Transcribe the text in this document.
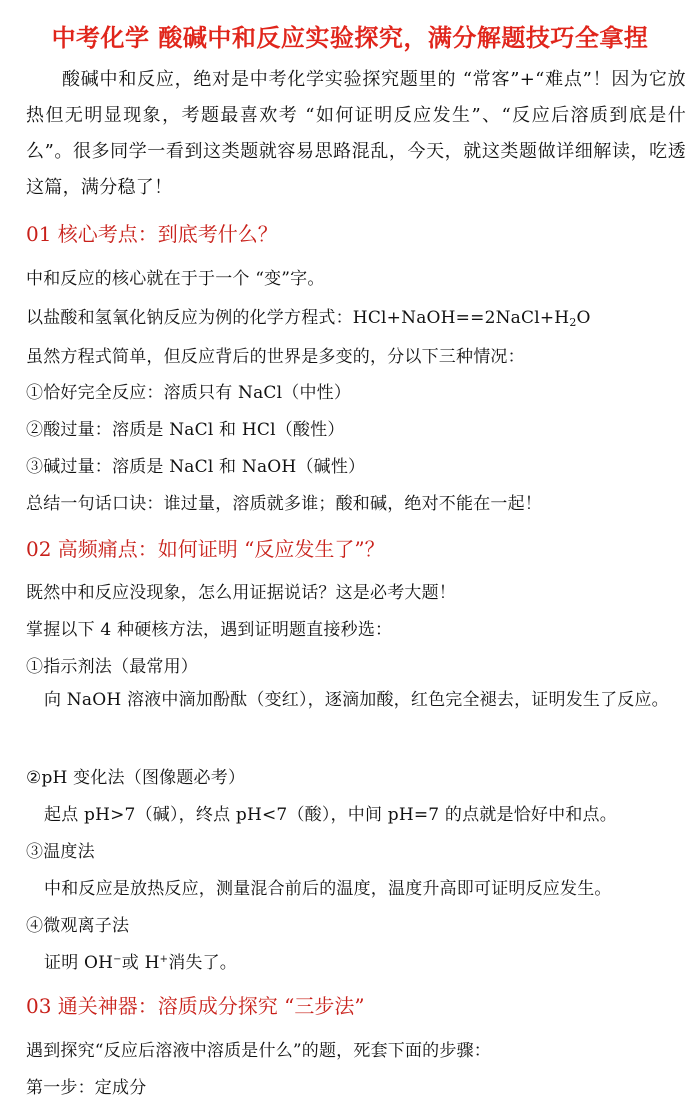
中考化学 酸碱中和反应实验探究，满分解题技巧全拿捏
酸碱中和反应，绝对是中考化学实验探究题里的 “常客”+“难点”！因为它放热但无明显现象，考题最喜欢考 “如何证明反应发生”、“反应后溶质到底是什么”。很多同学一看到这类题就容易思路混乱，今天，就这类题做详细解读，吃透这篇，满分稳了！
01 核心考点：到底考什么？
中和反应的核心就在于于一个 “变”字。
以盐酸和氢氧化钠反应为例的化学方程式：$HCl+NaOH==2NaCl+H_2O$
虽然方程式简单，但反应背后的世界是多变的，分以下三种情况：
①恰好完全反应：溶质只有 NaCl（中性）
②酸过量：溶质是 NaCl 和 HCl（酸性）
③碱过量：溶质是 NaCl 和 NaOH（碱性）
总结一句话口诀：谁过量，溶质就多谁；酸和碱，绝对不能在一起！
02 高频痛点：如何证明 “反应发生了”？
既然中和反应没现象，怎么用证据说话？这是必考大题！
掌握以下 4 种硬核方法，遇到证明题直接秒选：
①指示剂法（最常用）
向 NaOH 溶液中滴加酚酞（变红），逐滴加酸，红色完全褪去，证明发生了反应。
②pH 变化法（图像题必考）
起点 pH>7（碱），终点 pH<7（酸），中间 pH=7 的点就是恰好中和点。
③温度法
中和反应是放热反应，测量混合前后的温度，温度升高即可证明反应发生。
④微观离子法
证明 OH−或 H+消失了。
03 通关神器：溶质成分探究 “三步法”
遇到探究“反应后溶液中溶质是什么”的题，死套下面的步骤：
第一步：定成分
